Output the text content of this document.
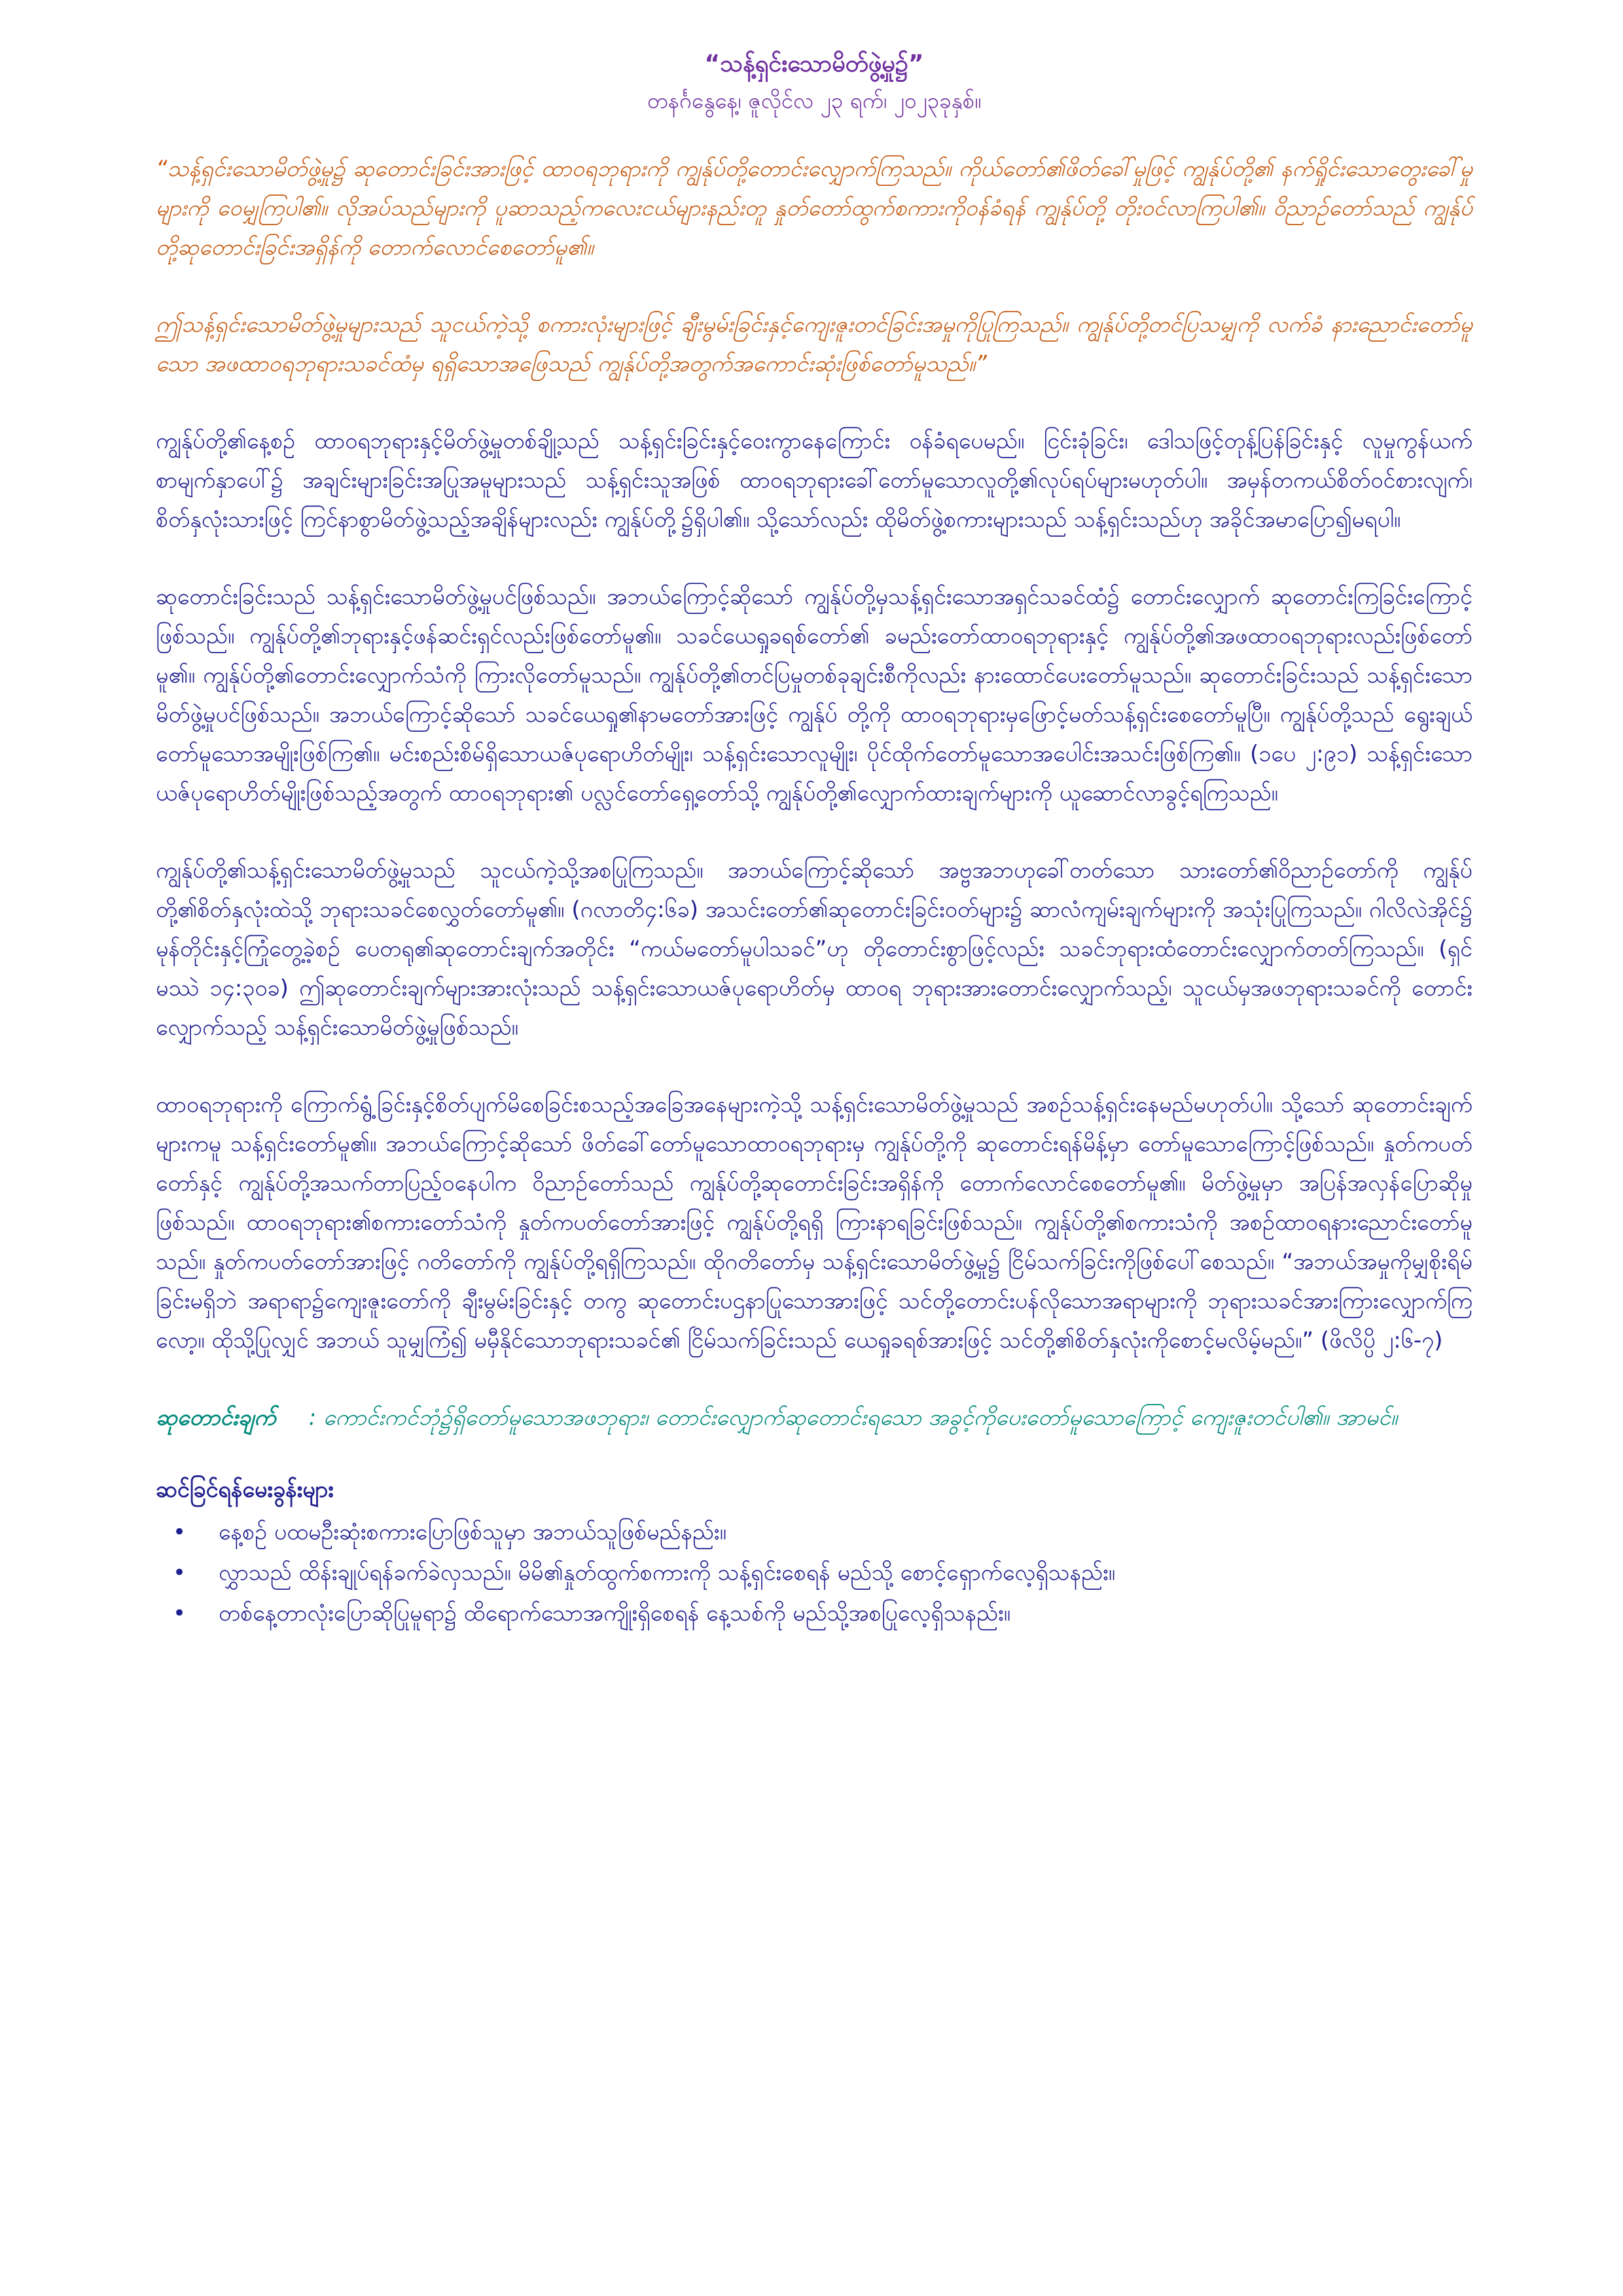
“သန့်ရှင်းသောမိတ်ဖွဲ့မှု၌”

တနင်္ဂနွေနေ့၊ ဇူလိုင်လ ၂၃ ရက်၊ ၂၀၂၃ခုနှစ်။

“သန့်ရှင်းသောမိတ်ဖွဲ့မှု၌ ဆုတောင်းခြင်းအားဖြင့် ထာဝရဘုရားကို ကျွန်ုပ်တို့တောင်းလျှောက်ကြသည်။ ကိုယ်တော်၏ဖိတ်ခေါ်မှုဖြင့် ကျွန်ုပ်တို့၏ နက်ရှိုင်းသောတွေးခေါ်မှုများကို ဝေမျှကြပါ၏။ လိုအပ်သည်များကို ပူဆာသည့်ကလေးငယ်များနည်းတူ နှုတ်တော်ထွက်စကားကိုဝန်ခံရန် ကျွန်ုပ်တို့ တိုးဝင်လာကြပါ၏။ ဝိညာဉ်တော်သည် ကျွန်ုပ်တို့ဆုတောင်းခြင်းအရှိန်ကို တောက်လောင်စေတော်မူ၏။

ဤသန့်ရှင်းသောမိတ်ဖွဲ့မှုများသည် သူငယ်ကဲ့သို့ စကားလုံးများဖြင့် ချီးမွမ်းခြင်းနှင့်ကျေးဇူးတင်ခြင်းအမှုကိုပြုကြသည်။ ကျွန်ုပ်တို့တင်ပြသမျှကို လက်ခံ နားညောင်းတော်မူသော အဖထာဝရဘုရားသခင်ထံမှ ရရှိသောအဖြေသည် ကျွန်ုပ်တို့အတွက်အကောင်းဆုံးဖြစ်တော်မူသည်။”

ကျွန်ုပ်တို့၏နေ့စဉ် ထာဝရဘုရားနှင့်မိတ်ဖွဲ့မှုတစ်ချို့သည် သန့်ရှင်းခြင်းနှင့်ဝေးကွာနေကြောင်း ဝန်ခံရပေမည်။ ငြင်းခုံခြင်း၊ ဒေါသဖြင့်တုန့်ပြန်ခြင်းနှင့် လူမှုကွန်ယက်စာမျက်နှာပေါ်၌ အချင်းများခြင်းအပြုအမူများသည် သန့်ရှင်းသူအဖြစ် ထာဝရဘုရားခေါ်တော်မူသောလူတို့၏လုပ်ရပ်များမဟုတ်ပါ။ အမှန်တကယ်စိတ်ဝင်စားလျက်၊ စိတ်နှလုံးသားဖြင့် ကြင်နာစွာမိတ်ဖွဲ့သည့်အချိန်များလည်း ကျွန်ုပ်တို့၌ရှိပါ၏။ သို့သော်လည်း ထိုမိတ်ဖွဲ့စကားများသည် သန့်ရှင်းသည်ဟု အခိုင်အမာပြော၍မရပါ။

ဆုတောင်းခြင်းသည် သန့်ရှင်းသောမိတ်ဖွဲ့မှုပင်ဖြစ်သည်။ အဘယ်ကြောင့်ဆိုသော် ကျွန်ုပ်တို့မှသန့်ရှင်းသောအရှင်သခင်ထံ၌ တောင်းလျှောက် ဆုတောင်းကြခြင်းကြောင့်ဖြစ်သည်။ ကျွန်ုပ်တို့၏ဘုရားနှင့်ဖန်ဆင်းရှင်လည်းဖြစ်တော်မူ၏။ သခင်ယေရှုခရစ်တော်၏ ခမည်းတော်ထာဝရဘုရားနှင့် ကျွန်ုပ်တို့၏အဖထာဝရဘုရားလည်းဖြစ်တော်မူ၏။ ကျွန်ုပ်တို့၏တောင်းလျှောက်သံကို ကြားလိုတော်မူသည်။ ကျွန်ုပ်တို့၏တင်ပြမှုတစ်ခုချင်းစီကိုလည်း နားထောင်ပေးတော်မူသည်။ ဆုတောင်းခြင်းသည် သန့်ရှင်းသောမိတ်ဖွဲ့မှုပင်ဖြစ်သည်။ အဘယ်ကြောင့်ဆိုသော် သခင်ယေရှု၏နာမတော်အားဖြင့် ကျွန်ုပ် တို့ကို ထာဝရဘုရားမှဖြောင့်မတ်သန့်ရှင်းစေတော်မူပြီ။ ကျွန်ုပ်တို့သည် ရွေးချယ်တော်မူသောအမျိုးဖြစ်ကြ၏။ မင်းစည်းစိမ်ရှိသောယဇ်ပုရောဟိတ်မျိုး၊ သန့်ရှင်းသောလူမျိုး၊ ပိုင်ထိုက်တော်မူသောအပေါင်းအသင်းဖြစ်ကြ၏။ (၁ပေ ၂:၉၁) သန့်ရှင်းသောယဇ်ပုရောဟိတ်မျိုးဖြစ်သည့်အတွက် ထာဝရဘုရား၏ ပလ္လင်တော်ရှေ့တော်သို့ ကျွန်ုပ်တို့၏လျှောက်ထားချက်များကို ယူဆောင်လာခွင့်ရကြသည်။

ကျွန်ုပ်တို့၏သန့်ရှင်းသောမိတ်ဖွဲ့မှုသည် သူငယ်ကဲ့သို့အစပြုကြသည်။ အဘယ်ကြောင့်ဆိုသော် အဗ္ဗအဘဟုခေါ်တတ်သော သားတော်၏ဝိညာဉ်တော်ကို ကျွန်ုပ်တို့၏စိတ်နှလုံးထဲသို့ ဘုရားသခင်စေလွှတ်တော်မူ၏။ (ဂလာတိ၄:၆ခ) အသင်းတော်၏ဆုတောင်းခြင်းဝတ်များ၌ ဆာလံကျမ်းချက်များကို အသုံးပြုကြသည်။ ဂါလိလဲအိုင်၌ မုန်တိုင်းနှင့်ကြုံတွေ့ခဲ့စဉ် ပေတရု၏ဆုတောင်းချက်အတိုင်း “ကယ်မတော်မူပါသခင်”ဟု တိုတောင်းစွာဖြင့်လည်း သခင်ဘုရားထံတောင်းလျှောက်တတ်ကြသည်။ (ရှင်မဿဲ ၁၄:၃၀ခ) ဤဆုတောင်းချက်များအားလုံးသည် သန့်ရှင်းသောယဇ်ပုရောဟိတ်မှ ထာဝရ ဘုရားအားတောင်းလျှောက်သည့်၊ သူငယ်မှအဖဘုရားသခင်ကို တောင်းလျှောက်သည့် သန့်ရှင်းသောမိတ်ဖွဲ့မှုဖြစ်သည်။

ထာဝရဘုရားကို ကြောက်ရွံ့ခြင်းနှင့်စိတ်ပျက်မိစေခြင်းစသည့်အခြေအနေများကဲ့သို့ သန့်ရှင်းသောမိတ်ဖွဲ့မှုသည် အစဉ်သန့်ရှင်းနေမည်မဟုတ်ပါ။ သို့သော် ဆုတောင်းချက်များကမူ သန့်ရှင်းတော်မူ၏။ အဘယ်ကြောင့်ဆိုသော် ဖိတ်ခေါ်တော်မူသောထာဝရဘုရားမှ ကျွန်ုပ်တို့ကို ဆုတောင်းရန်မိန့်မှာ တော်မူသောကြောင့်ဖြစ်သည်။ နှုတ်ကပတ်တော်နှင့် ကျွန်ုပ်တို့အသက်တာပြည့်ဝနေပါက ဝိညာဉ်တော်သည် ကျွန်ုပ်တို့ဆုတောင်းခြင်းအရှိန်ကို တောက်လောင်စေတော်မူ၏။ မိတ်ဖွဲ့မှုမှာ အပြန်အလှန်ပြောဆိုမှုဖြစ်သည်။ ထာဝရဘုရား၏စကားတော်သံကို နှုတ်ကပတ်တော်အားဖြင့် ကျွန်ုပ်တို့ရရှိ ကြားနာရခြင်းဖြစ်သည်။ ကျွန်ုပ်တို့၏စကားသံကို အစဉ်ထာဝရနားညောင်းတော်မူသည်။ နှုတ်ကပတ်တော်အားဖြင့် ဂတိတော်ကို ကျွန်ုပ်တို့ရရှိကြသည်။ ထိုဂတိတော်မှ သန့်ရှင်းသောမိတ်ဖွဲ့မှု၌ ငြိမ်သက်ခြင်းကိုဖြစ်ပေါ်စေသည်။ “အဘယ်အမှုကိုမျှစိုးရိမ်ခြင်းမရှိဘဲ အရာရာ၌ကျေးဇူးတော်ကို ချီးမွမ်းခြင်းနှင့် တကွ ဆုတောင်းပဌနာပြုသောအားဖြင့် သင်တို့တောင်းပန်လိုသောအရာများကို ဘုရားသခင်အားကြားလျှောက်ကြလော့။ ထိုသို့ပြုလျှင် အဘယ် သူမျှကြံ၍ မမှီနိုင်သောဘုရားသခင်၏ ငြိမ်သက်ခြင်းသည် ယေရှုခရစ်အားဖြင့် သင်တို့၏စိတ်နှလုံးကိုစောင့်မလိမ့်မည်။” (ဖိလိပ္ပိ ၂:၆-၇)

ဆုတောင်းချက် : ကောင်းကင်ဘုံ၌ရှိတော်မူသောအဖဘုရား၊ တောင်းလျှောက်ဆုတောင်းရသော အခွင့်ကိုပေးတော်မူသောကြောင့် ကျေးဇူးတင်ပါ၏။ အာမင်။

ဆင်ခြင်ရန်မေးခွန်းများ

• နေ့စဉ် ပထမဦးဆုံးစကားပြောဖြစ်သူမှာ အဘယ်သူဖြစ်မည်နည်း။
• လွှာသည် ထိန်းချုပ်ရန်ခက်ခဲလှသည်။ မိမိ၏နှုတ်ထွက်စကားကို သန့်ရှင်းစေရန် မည်သို့ စောင့်ရှောက်လေ့ရှိသနည်း။
• တစ်နေ့တာလုံးပြောဆိုပြုမူရာ၌ ထိရောက်သောအကျိုးရှိစေရန် နေ့သစ်ကို မည်သို့အစပြုလေ့ရှိသနည်း။
